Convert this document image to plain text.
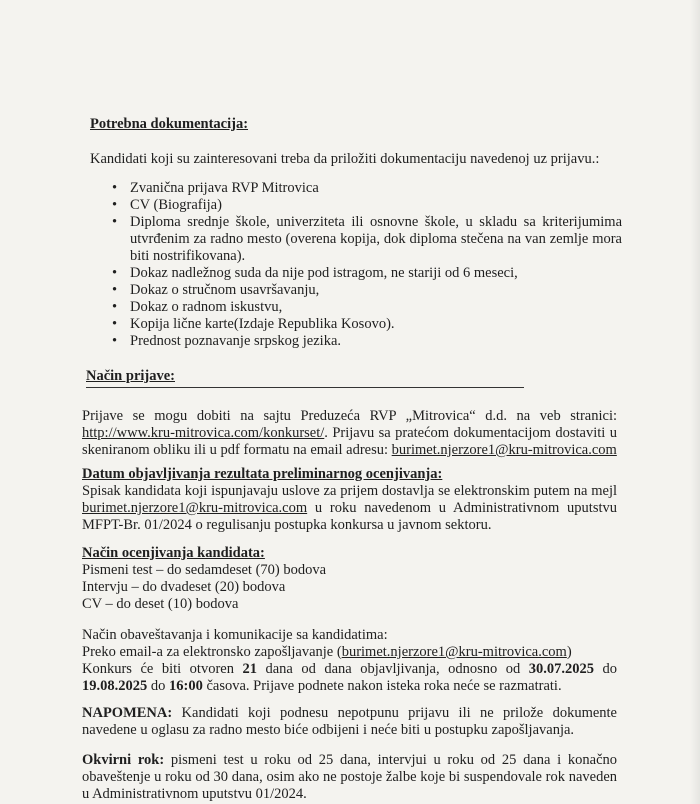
Potrebna dokumentacija:
Kandidati koji su zainteresovani treba da priložiti dokumentaciju navedenoj uz prijavu.:
• Zvanična prijava RVP Mitrovica
• CV (Biografija)
• Diploma srednje škole, univerziteta ili osnovne škole, u skladu sa kriterijumima utvrđenim za radno mesto (overena kopija, dok diploma stečena na van zemlje mora biti nostrifikovana).
• Dokaz nadležnog suda da nije pod istragom, ne stariji od 6 meseci,
• Dokaz o stručnom usavršavanju,
• Dokaz o radnom iskustvu,
• Kopija lične karte(Izdaje Republika Kosovo).
• Prednost poznavanje srpskog jezika.
Način prijave:
Prijave se mogu dobiti na sajtu Preduzeća RVP „Mitrovica“ d.d. na veb stranici: http://www.kru-mitrovica.com/konkurset/. Prijavu sa pratećom dokumentacijom dostaviti u skeniranom obliku ili u pdf formatu na email adresu: burimet.njerzore1@kru-mitrovica.com
Datum objavljivanja rezultata preliminarnog ocenjivanja:
Spisak kandidata koji ispunjavaju uslove za prijem dostavlja se elektronskim putem na mejl burimet.njerzore1@kru-mitrovica.com u roku navedenom u Administrativnom uputstvu MFPT-Br. 01/2024 o regulisanju postupka konkursa u javnom sektoru.
Način ocenjivanja kandidata:
Pismeni test – do sedamdeset (70) bodova
Intervju – do dvadeset (20) bodova
CV – do deset (10) bodova
Način obaveštavanja i komunikacije sa kandidatima:
Preko email-a za elektronsko zapošljavanje (burimet.njerzore1@kru-mitrovica.com)
Konkurs će biti otvoren 21 dana od dana objavljivanja, odnosno od 30.07.2025 do 19.08.2025 do 16:00 časova. Prijave podnete nakon isteka roka neće se razmatrati.
NAPOMENA: Kandidati koji podnesu nepotpunu prijavu ili ne prilože dokumente navedene u oglasu za radno mesto biće odbijeni i neće biti u postupku zapošljavanja.
Okvirni rok: pismeni test u roku od 25 dana, intervjui u roku od 25 dana i konačno obaveštenje u roku od 30 dana, osim ako ne postoje žalbe koje bi suspendovale rok naveden u Administrativnom uputstvu 01/2024.
